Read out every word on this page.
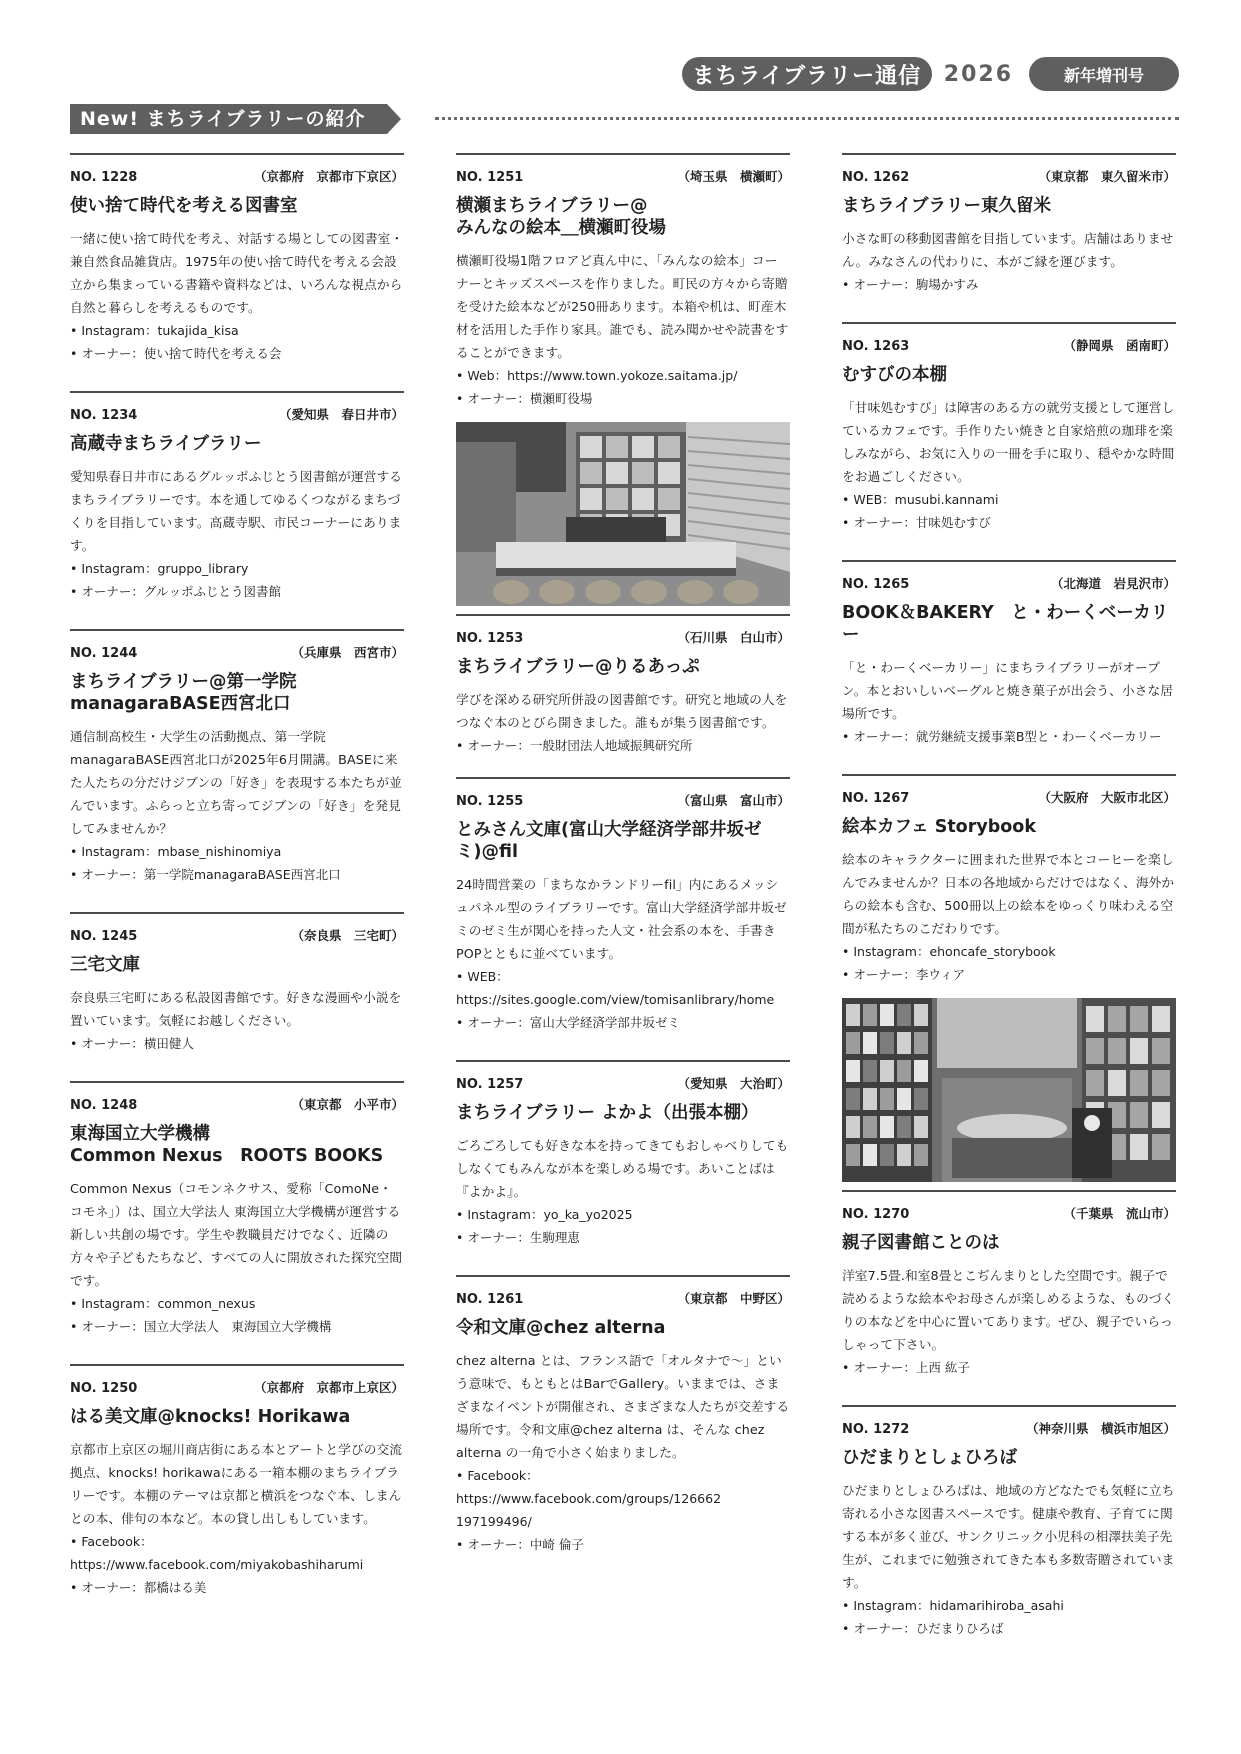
まちライブラリー通信	2026	新年増刊号
New! まちライブラリーの紹介
NO. 1228	（京都府　京都市下京区）
使い捨て時代を考える図書室
一緒に使い捨て時代を考え、対話する場としての図書室・兼自然食品雑貨店。1975年の使い捨て時代を考える会設立から集まっている書籍や資料などは、いろんな視点から自然と暮らしを考えるものです。
• Instagram：tukajida_kisa
• オーナー：使い捨て時代を考える会
NO. 1234	（愛知県　春日井市）
高蔵寺まちライブラリー
愛知県春日井市にあるグルッポふじとう図書館が運営するまちライブラリーです。本を通してゆるくつながるまちづくりを目指しています。高蔵寺駅、市民コーナーにあります。
• Instagram：gruppo_library
• オーナー：グルッポふじとう図書館
NO. 1244	（兵庫県　西宮市）
まちライブラリー@第一学院
managaraBASE西宮北口
通信制高校生・大学生の活動拠点、第一学院managaraBASE西宮北口が2025年6月開講。BASEに来た人たちの分だけジブンの「好き」を表現する本たちが並んでいます。ふらっと立ち寄ってジブンの「好き」を発見してみませんか？
• Instagram：mbase_nishinomiya
• オーナー：第一学院managaraBASE西宮北口
NO. 1245	（奈良県　三宅町）
三宅文庫
奈良県三宅町にある私設図書館です。好きな漫画や小説を置いています。気軽にお越しください。
• オーナー：横田健人
NO. 1248	（東京都　小平市）
東海国立大学機構
Common Nexus　ROOTS BOOKS
Common Nexus（コモンネクサス、愛称「ComoNe・コモネ」）は、国立大学法人 東海国立大学機構が運営する新しい共創の場です。学生や教職員だけでなく、近隣の方々や子どもたちなど、すべての人に開放された探究空間です。
• Instagram：common_nexus
• オーナー：国立大学法人　東海国立大学機構
NO. 1250	（京都府　京都市上京区）
はる美文庫@knocks! Horikawa
京都市上京区の堀川商店街にある本とアートと学びの交流拠点、knocks! horikawaにある一箱本棚のまちライブラリーです。本棚のテーマは京都と横浜をつなぐ本、しまんとの本、俳句の本など。本の貸し出しもしています。
• Facebook：
https://www.facebook.com/miyakobashiharumi
• オーナー：都橋はる美
NO. 1251	（埼玉県　横瀬町）
横瀬まちライブラリー@
みんなの絵本＿横瀬町役場
横瀬町役場1階フロアど真ん中に、「みんなの絵本」コーナーとキッズスペースを作りました。町民の方々から寄贈を受けた絵本などが250冊あります。本箱や机は、町産木材を活用した手作り家具。誰でも、読み聞かせや読書をすることができます。
• Web：https://www.town.yokoze.saitama.jp/
• オーナー：横瀬町役場
NO. 1253	（石川県　白山市）
まちライブラリー@りるあっぷ
学びを深める研究所併設の図書館です。研究と地域の人をつなぐ本のとびら開きました。誰もが集う図書館です。
• オーナー：一般財団法人地域振興研究所
NO. 1255	（富山県　富山市）
とみさん文庫(富山大学経済学部井坂ゼミ)@fil
24時間営業の「まちなかランドリーfil」内にあるメッシュパネル型のライブラリーです。富山大学経済学部井坂ゼミのゼミ生が関心を持った人文・社会系の本を、手書きPOPとともに並べています。
• WEB：
https://sites.google.com/view/tomisanlibrary/home
• オーナー：富山大学経済学部井坂ゼミ
NO. 1257	（愛知県　大治町）
まちライブラリー よかよ（出張本棚）
ごろごろしても好きな本を持ってきてもおしゃべりしてもしなくてもみんなが本を楽しめる場です。あいことばは『よかよ』。
• Instagram：yo_ka_yo2025
• オーナー：生駒理恵
NO. 1261	（東京都　中野区）
令和文庫@chez alterna
chez alterna とは、フランス語で「オルタナで〜」という意味で、もともとはBarでGallery。いままでは、さまざまなイベントが開催され、さまざまな人たちが交差する場所です。令和文庫@chez alterna は、そんな chez alterna の一角で小さく始まりました。
• Facebook：
https://www.facebook.com/groups/126662
197199496/
• オーナー：中崎 倫子
NO. 1262	（東京都　東久留米市）
まちライブラリー東久留米
小さな町の移動図書館を目指しています。店舗はありません。みなさんの代わりに、本がご縁を運びます。
• オーナー：駒場かすみ
NO. 1263	（静岡県　函南町）
むすびの本棚
「甘味処むすび」は障害のある方の就労支援として運営しているカフェです。手作りたい焼きと自家焙煎の珈琲を楽しみながら、お気に入りの一冊を手に取り、穏やかな時間をお過ごしください。
• WEB：musubi.kannami
• オーナー：甘味処むすび
NO. 1265	（北海道　岩見沢市）
BOOK＆BAKERY　と・わーくベーカリー
「と・わーくベーカリー」にまちライブラリーがオープン。本とおいしいベーグルと焼き菓子が出会う、小さな居場所です。
• オーナー：就労継続支援事業B型と・わーくベーカリー
NO. 1267	（大阪府　大阪市北区）
絵本カフェ Storybook
絵本のキャラクターに囲まれた世界で本とコーヒーを楽しんでみませんか？日本の各地域からだけではなく、海外からの絵本も含む、500冊以上の絵本をゆっくり味わえる空間が私たちのこだわりです。
• Instagram：ehoncafe_storybook
• オーナー：李ウィア
NO. 1270	（千葉県　流山市）
親子図書館ことのは
洋室7.5畳.和室8畳とこぢんまりとした空間です。親子で読めるような絵本やお母さんが楽しめるような、ものづくりの本などを中心に置いてあります。ぜひ、親子でいらっしゃって下さい。
• オーナー：上西 紘子
NO. 1272	（神奈川県　横浜市旭区）
ひだまりとしょひろば
ひだまりとしょひろばは、地域の方どなたでも気軽に立ち寄れる小さな図書スペースです。健康や教育、子育てに関する本が多く並び、サンクリニック小児科の相澤扶美子先生が、これまでに勉強されてきた本も多数寄贈されています。
• Instagram：hidamarihiroba_asahi
• オーナー：ひだまりひろば
